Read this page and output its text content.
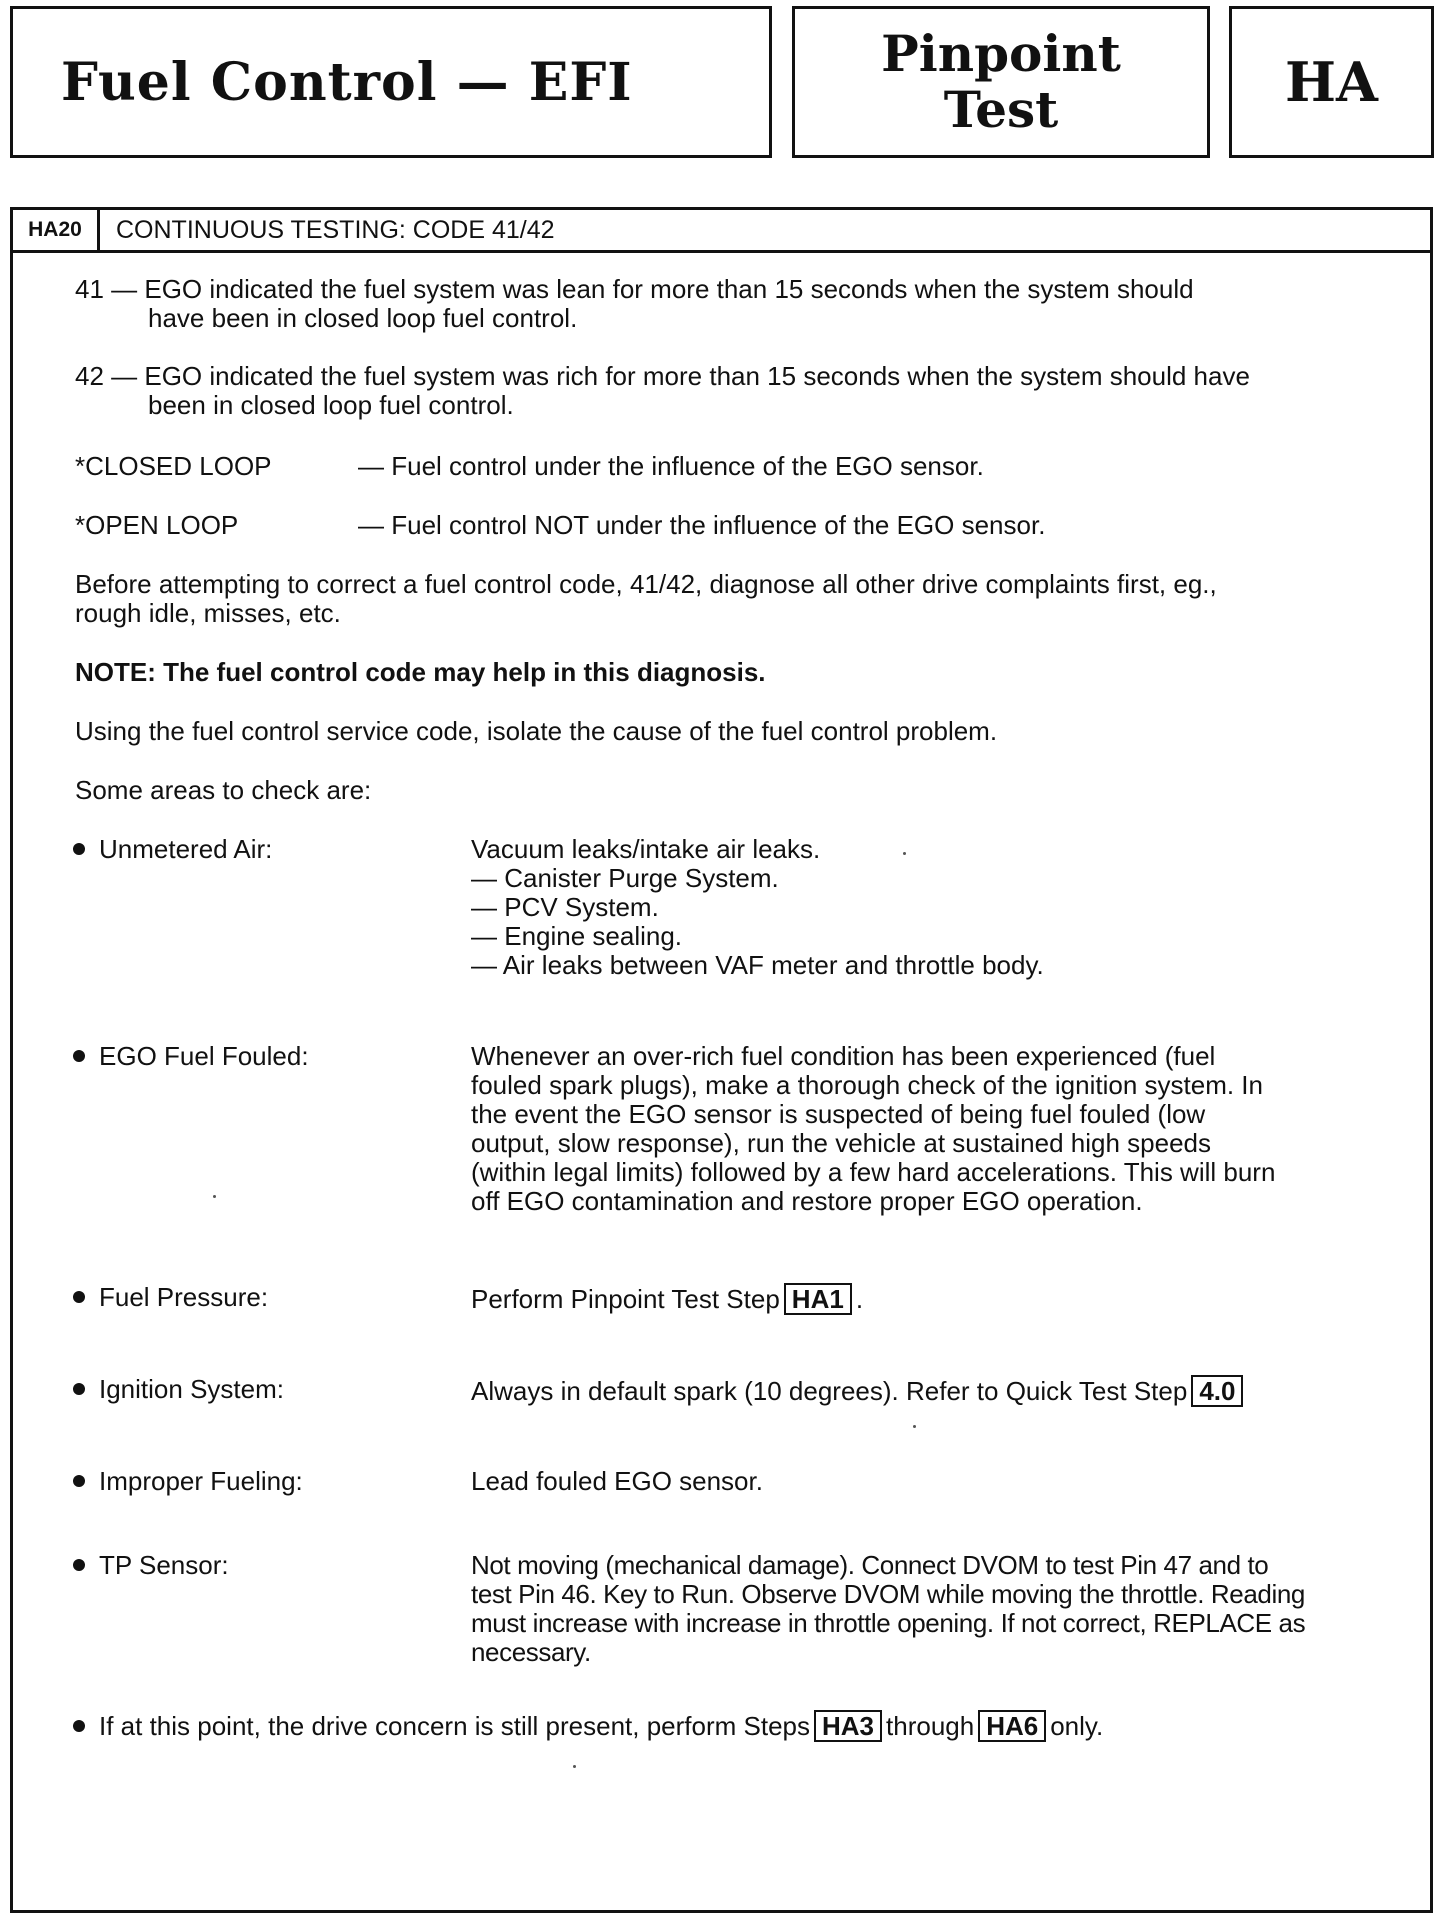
Fuel Control — EFI	Pinpoint
Test	HA
HA20	CONTINUOUS TESTING: CODE 41/42
41 — EGO indicated the fuel system was lean for more than 15 seconds when the system should
have been in closed loop fuel control.
42 — EGO indicated the fuel system was rich for more than 15 seconds when the system should have
been in closed loop fuel control.
*CLOSED LOOP	— Fuel control under the influence of the EGO sensor.
*OPEN LOOP	— Fuel control NOT under the influence of the EGO sensor.
Before attempting to correct a fuel control code, 41/42, diagnose all other drive complaints first, eg.,
rough idle, misses, etc.
NOTE: The fuel control code may help in this diagnosis.
Using the fuel control service code, isolate the cause of the fuel control problem.
Some areas to check are:
Unmetered Air:	Vacuum leaks/intake air leaks.
— Canister Purge System.
— PCV System.
— Engine sealing.
— Air leaks between VAF meter and throttle body.
EGO Fuel Fouled:	Whenever an over-rich fuel condition has been experienced (fuel
fouled spark plugs), make a thorough check of the ignition system. In
the event the EGO sensor is suspected of being fuel fouled (low
output, slow response), run the vehicle at sustained high speeds
(within legal limits) followed by a few hard accelerations. This will burn
off EGO contamination and restore proper EGO operation.
Fuel Pressure:	Perform Pinpoint Test Step HA1 .
Ignition System:	Always in default spark (10 degrees). Refer to Quick Test Step 4.0
Improper Fueling:	Lead fouled EGO sensor.
TP Sensor:	Not moving (mechanical damage). Connect DVOM to test Pin 47 and to
test Pin 46. Key to Run. Observe DVOM while moving the throttle. Reading
must increase with increase in throttle opening. If not correct, REPLACE as
necessary.
If at this point, the drive concern is still present, perform Steps HA3 through HA6 only.
